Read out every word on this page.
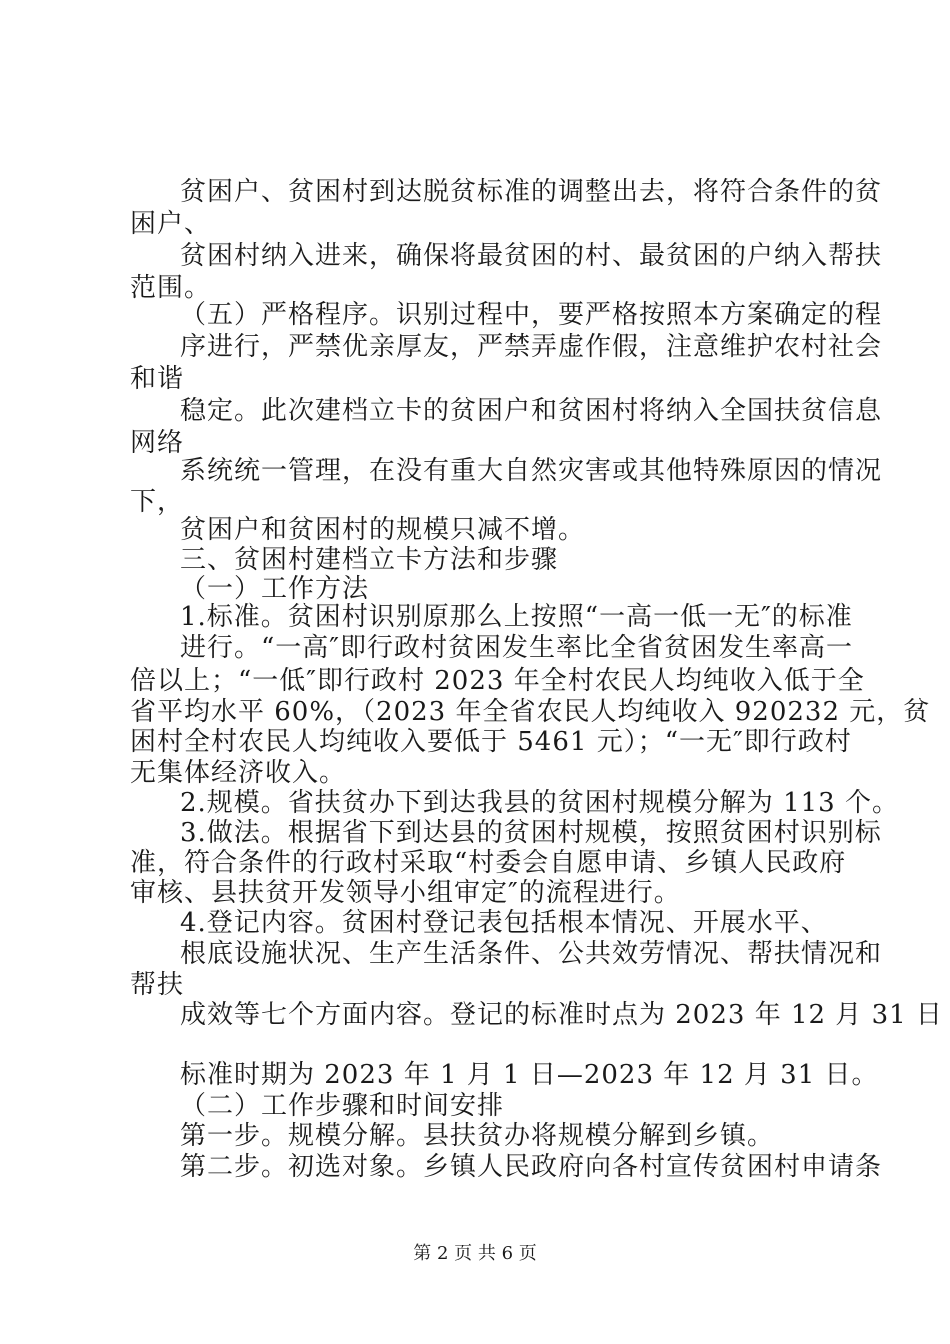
贫困户、贫困村到达脱贫标准的调整出去，将符合条件的贫
困户、
贫困村纳入进来，确保将最贫困的村、最贫困的户纳入帮扶
范围。
（五）严格程序。识别过程中，要严格按照本方案确定的程
序进行，严禁优亲厚友，严禁弄虚作假，注意维护农村社会
和谐
稳定。此次建档立卡的贫困户和贫困村将纳入全国扶贫信息
网络
系统统一管理，在没有重大自然灾害或其他特殊原因的情况
下，
贫困户和贫困村的规模只减不增。
三、贫困村建档立卡方法和步骤
（一）工作方法
1.标准。贫困村识别原那么上按照“一高一低一无″的标准
进行。“一高″即行政村贫困发生率比全省贫困发生率高一
倍以上；“一低″即行政村 2023 年全村农民人均纯收入低于全
省平均水平 60%，（2023 年全省农民人均纯收入 920232 元，贫
困村全村农民人均纯收入要低于 5461 元）；“一无″即行政村
无集体经济收入。
2.规模。省扶贫办下到达我县的贫困村规模分解为 113 个。
3.做法。根据省下到达县的贫困村规模，按照贫困村识别标
准，符合条件的行政村采取“村委会自愿申请、乡镇人民政府
审核、县扶贫开发领导小组审定″的流程进行。
4.登记内容。贫困村登记表包括根本情况、开展水平、
根底设施状况、生产生活条件、公共效劳情况、帮扶情况和
帮扶
成效等七个方面内容。登记的标准时点为 2023 年 12 月 31 日
标准时期为 2023 年 1 月 1 日—2023 年 12 月 31 日。
（二）工作步骤和时间安排
第一步。规模分解。县扶贫办将规模分解到乡镇。
第二步。初选对象。乡镇人民政府向各村宣传贫困村申请条
第 2 页 共 6 页
